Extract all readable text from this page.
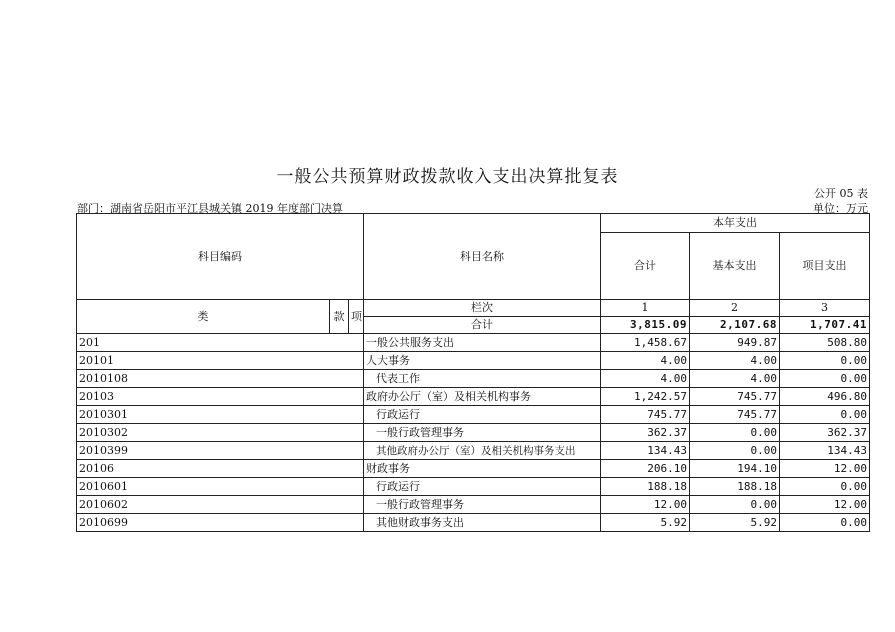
一般公共预算财政拨款收入支出决算批复表
公开 05 表
部门：湖南省岳阳市平江县城关镇 2019 年度部门决算	单位：万元
科目编码			科目名称	本年支出		
				合计	基本支出	项目支出

类	款	项	栏次	1	2	3
			合计	3,815.09	2,107.68	1,707.41
201			一般公共服务支出	1,458.67	949.87	508.80
20101			人大事务	4.00	4.00	0.00
2010108			代表工作	4.00	4.00	0.00
20103			政府办公厅（室）及相关机构事务	1,242.57	745.77	496.80
2010301			行政运行	745.77	745.77	0.00
2010302			一般行政管理事务	362.37	0.00	362.37
2010399			其他政府办公厅（室）及相关机构事务支出	134.43	0.00	134.43
20106			财政事务	206.10	194.10	12.00
2010601			行政运行	188.18	188.18	0.00
2010602			一般行政管理事务	12.00	0.00	12.00
2010699			其他财政事务支出	5.92	5.92	0.00
